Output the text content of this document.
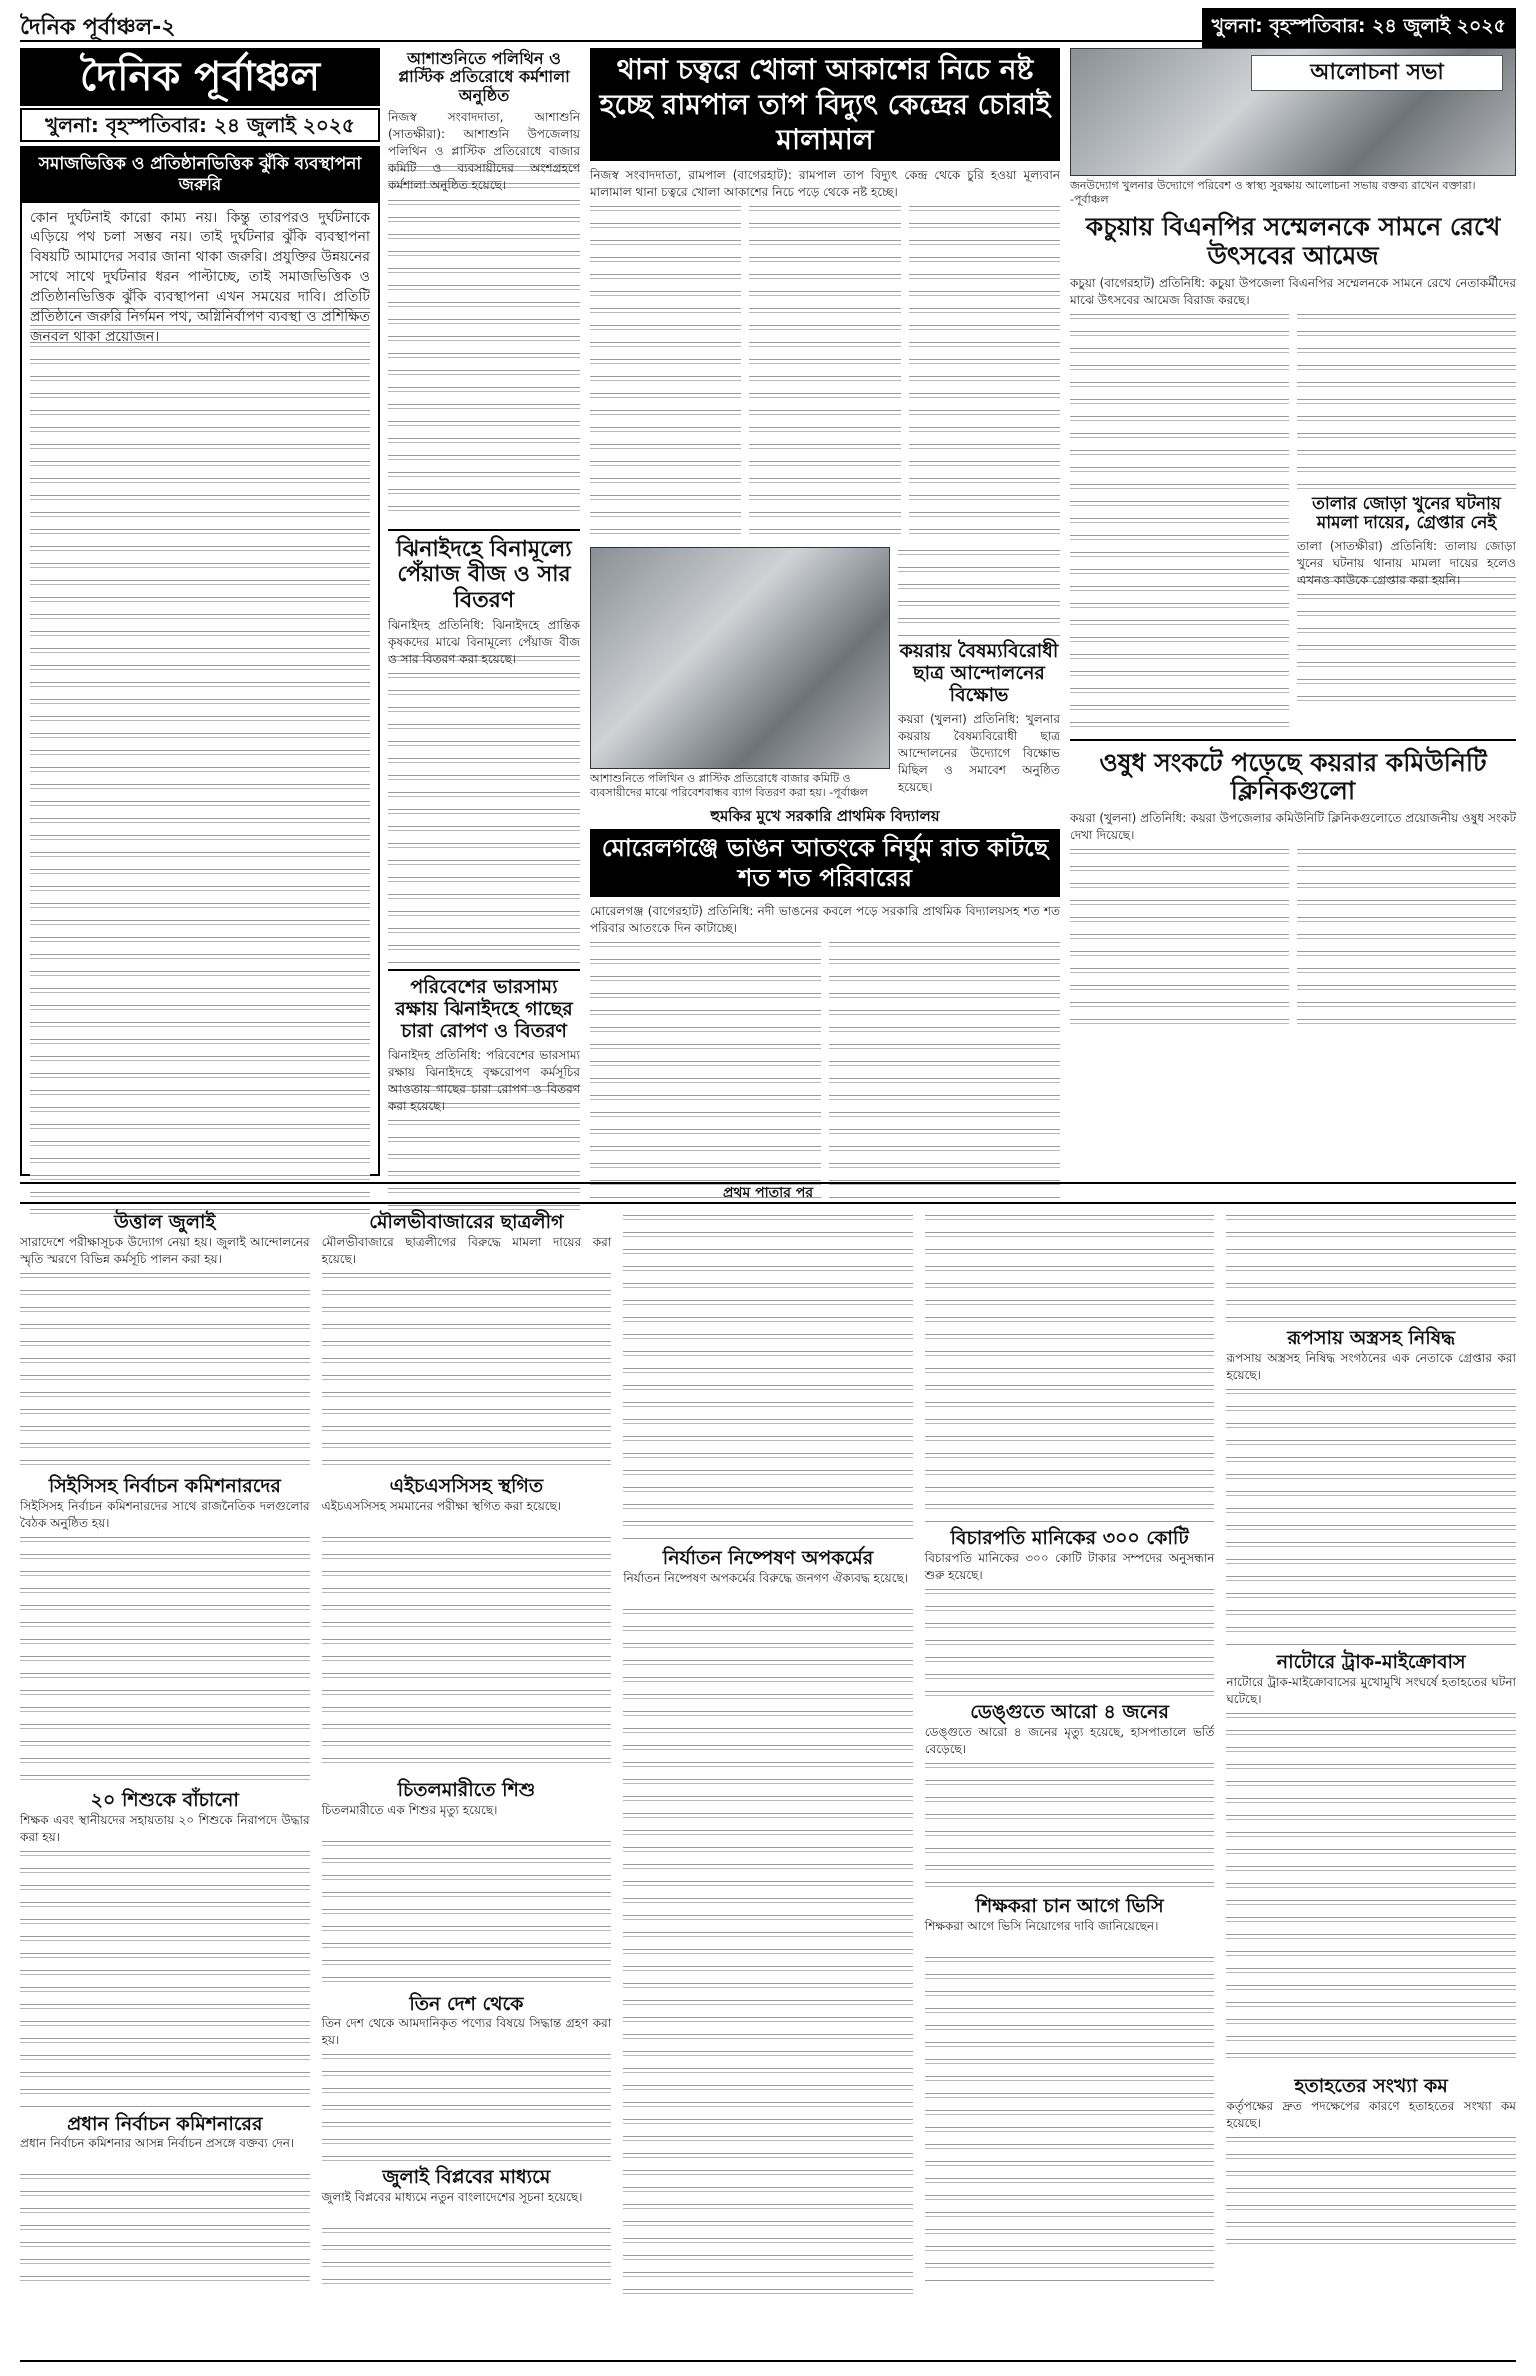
দৈনিক পূর্বাঞ্চল-২	খুলনা: বৃহস্পতিবার: ২৪ জুলাই ২০২৫
দৈনিক পূর্বাঞ্চল
খুলনা: বৃহস্পতিবার: ২৪ জুলাই ২০২৫
সমাজভিত্তিক ও প্রতিষ্ঠানভিত্তিক ঝুঁকি ব্যবস্থাপনা জরুরি
কোন দুর্ঘটনাই কারো কাম্য নয়। কিন্তু তারপরও দুর্ঘটনাকে এড়িয়ে পথ চলা সম্ভব নয়। তাই দুর্ঘটনার ঝুঁকি ব্যবস্থাপনা বিষয়টি আমাদের সবার জানা থাকা জরুরি। প্রযুক্তির উন্নয়নের সাথে সাথে দুর্ঘটনার ধরন পাল্টাচ্ছে, তাই সমাজভিত্তিক ও প্রতিষ্ঠানভিত্তিক ঝুঁকি ব্যবস্থাপনা এখন সময়ের দাবি। প্রতিটি প্রতিষ্ঠানে জরুরি নির্গমন পথ, অগ্নিনির্বাপণ ব্যবস্থা ও প্রশিক্ষিত জনবল থাকা প্রয়োজন।
আশাশুনিতে পলিথিন ও প্লাস্টিক প্রতিরোধে কর্মশালা অনুষ্ঠিত
নিজস্ব সংবাদদাতা, আশাশুনি (সাতক্ষীরা): আশাশুনি উপজেলায় পলিথিন ও প্লাস্টিক প্রতিরোধে বাজার কমিটি ও ব্যবসায়ীদের অংশগ্রহণে কর্মশালা অনুষ্ঠিত হয়েছে।
ঝিনাইদহে বিনামূল্যে পেঁয়াজ বীজ ও সার বিতরণ
ঝিনাইদহ প্রতিনিধি: ঝিনাইদহে প্রান্তিক কৃষকদের মাঝে বিনামূল্যে পেঁয়াজ বীজ ও সার বিতরণ করা হয়েছে।
পরিবেশের ভারসাম্য রক্ষায় ঝিনাইদহে গাছের চারা রোপণ ও বিতরণ
ঝিনাইদহ প্রতিনিধি: পরিবেশের ভারসাম্য রক্ষায় ঝিনাইদহে বৃক্ষরোপণ কর্মসূচির আওতায় গাছের চারা রোপণ ও বিতরণ করা হয়েছে।
থানা চত্বরে খোলা আকাশের নিচে নষ্ট হচ্ছে রামপাল তাপ বিদ্যুৎ কেন্দ্রের চোরাই মালামাল
নিজস্ব সংবাদদাতা, রামপাল (বাগেরহাট): রামপাল তাপ বিদ্যুৎ কেন্দ্র থেকে চুরি হওয়া মূল্যবান মালামাল থানা চত্বরে খোলা আকাশের নিচে পড়ে থেকে নষ্ট হচ্ছে।
আশাশুনিতে পলিথিন ও প্লাস্টিক প্রতিরোধে বাজার কমিটি ও ব্যবসায়ীদের মাঝে পরিবেশবান্ধব ব্যাগ বিতরণ করা হয়। -পূর্বাঞ্চল
কয়রায় বৈষম্যবিরোধী ছাত্র আন্দোলনের বিক্ষোভ
কয়রা (খুলনা) প্রতিনিধি: খুলনার কয়রায় বৈষম্যবিরোধী ছাত্র আন্দোলনের উদ্যোগে বিক্ষোভ মিছিল ও সমাবেশ অনুষ্ঠিত হয়েছে।
হুমকির মুখে সরকারি প্রাথমিক বিদ্যালয়
মোরেলগঞ্জে ভাঙন আতংকে নির্ঘুম রাত কাটছে শত শত পরিবারের
মোরেলগঞ্জ (বাগেরহাট) প্রতিনিধি: নদী ভাঙনের কবলে পড়ে সরকারি প্রাথমিক বিদ্যালয়সহ শত শত পরিবার আতংকে দিন কাটাচ্ছে।
আলোচনা সভা
জনউদ্যোগ খুলনার উদ্যোগে পরিবেশ ও স্বাস্থ্য সুরক্ষায় আলোচনা সভায় বক্তব্য রাখেন বক্তারা। -পূর্বাঞ্চল
কচুয়ায় বিএনপির সম্মেলনকে সামনে রেখে উৎসবের আমেজ
কচুয়া (বাগেরহাট) প্রতিনিধি: কচুয়া উপজেলা বিএনপির সম্মেলনকে সামনে রেখে নেতাকর্মীদের মাঝে উৎসবের আমেজ বিরাজ করছে।
তালার জোড়া খুনের ঘটনায় মামলা দায়ের, গ্রেপ্তার নেই
তালা (সাতক্ষীরা) প্রতিনিধি: তালায় জোড়া খুনের ঘটনায় থানায় মামলা দায়ের হলেও এখনও কাউকে গ্রেপ্তার করা হয়নি।
ওষুধ সংকটে পড়েছে কয়রার কমিউনিটি ক্লিনিকগুলো
কয়রা (খুলনা) প্রতিনিধি: কয়রা উপজেলার কমিউনিটি ক্লিনিকগুলোতে প্রয়োজনীয় ওষুধ সংকট দেখা দিয়েছে।
প্রথম পাতার পর
উত্তাল জুলাই
সারাদেশে পরীক্ষাসূচক উদ্যোগ নেয়া হয়। জুলাই আন্দোলনের স্মৃতি স্মরণে বিভিন্ন কর্মসূচি পালন করা হয়।
সিইসিসহ নির্বাচন কমিশনারদের
সিইসিসহ নির্বাচন কমিশনারদের সাথে রাজনৈতিক দলগুলোর বৈঠক অনুষ্ঠিত হয়।
২০ শিশুকে বাঁচানো
শিক্ষক এবং স্থানীয়দের সহায়তায় ২০ শিশুকে নিরাপদে উদ্ধার করা হয়।
প্রধান নির্বাচন কমিশনারের
প্রধান নির্বাচন কমিশনার আসন্ন নির্বাচন প্রসঙ্গে বক্তব্য দেন।
মৌলভীবাজারের ছাত্রলীগ
মৌলভীবাজারে ছাত্রলীগের বিরুদ্ধে মামলা দায়ের করা হয়েছে।
এইচএসসিসহ স্থগিত
এইচএসসিসহ সমমানের পরীক্ষা স্থগিত করা হয়েছে।
চিতলমারীতে শিশু
চিতলমারীতে এক শিশুর মৃত্যু হয়েছে।
তিন দেশ থেকে
তিন দেশ থেকে আমদানিকৃত পণ্যের বিষয়ে সিদ্ধান্ত গ্রহণ করা হয়।
জুলাই বিপ্লবের মাধ্যমে
জুলাই বিপ্লবের মাধ্যমে নতুন বাংলাদেশের সূচনা হয়েছে।
নির্যাতন নিষ্পেষণ অপকর্মের
নির্যাতন নিষ্পেষণ অপকর্মের বিরুদ্ধে জনগণ ঐক্যবদ্ধ হয়েছে।
বিচারপতি মানিকের ৩০০ কোটি
বিচারপতি মানিকের ৩০০ কোটি টাকার সম্পদের অনুসন্ধান শুরু হয়েছে।
ডেঙ্গুতে আরো ৪ জনের
ডেঙ্গুতে আরো ৪ জনের মৃত্যু হয়েছে, হাসপাতালে ভর্তি বেড়েছে।
শিক্ষকরা চান আগে ভিসি
শিক্ষকরা আগে ভিসি নিয়োগের দাবি জানিয়েছেন।
রূপসায় অস্ত্রসহ নিষিদ্ধ
রূপসায় অস্ত্রসহ নিষিদ্ধ সংগঠনের এক নেতাকে গ্রেপ্তার করা হয়েছে।
নাটোরে ট্রাক-মাইক্রোবাস
নাটোরে ট্রাক-মাইক্রোবাসের মুখোমুখি সংঘর্ষে হতাহতের ঘটনা ঘটেছে।
হতাহতের সংখ্যা কম
কর্তৃপক্ষের দ্রুত পদক্ষেপের কারণে হতাহতের সংখ্যা কম হয়েছে।
